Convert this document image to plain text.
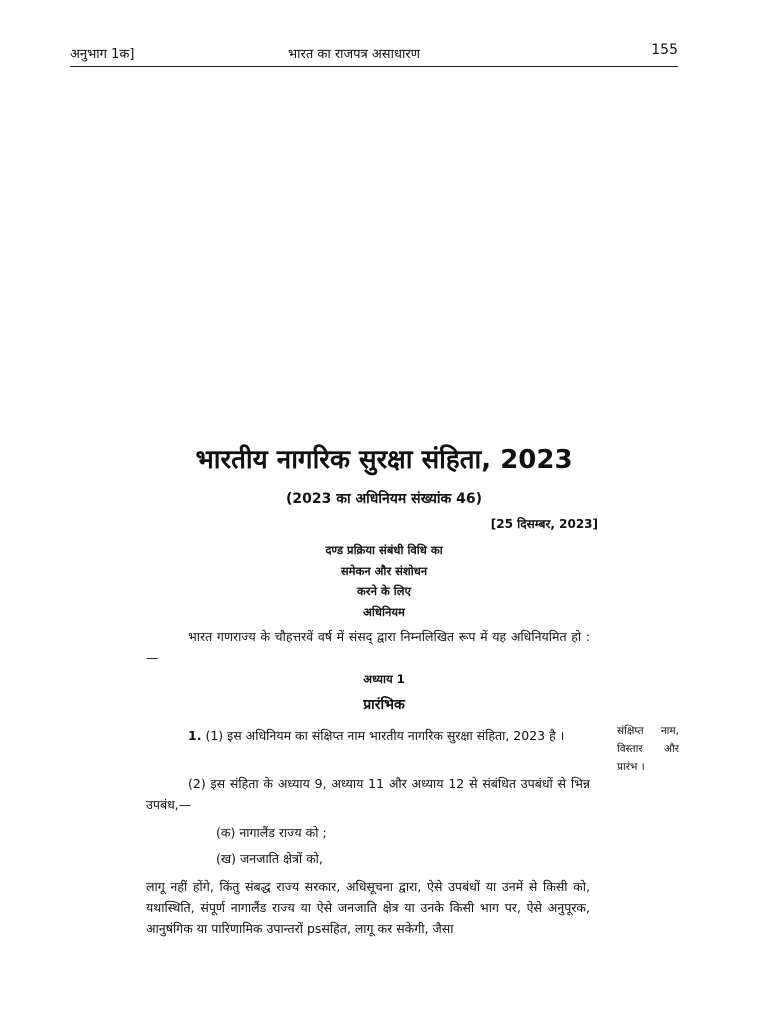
अनुभाग 1क]	भारत का राजपत्र असाधारण	155
भारतीय नागरिक सुरक्षा संहिता, 2023
(2023 का अधिनियम संख्यांक 46)
[25 दिसम्बर, 2023]
दण्ड प्रक्रिया संबंधी विधि का
समेकन और संशोधन
करने के लिए
अधिनियम
भारत गणराज्य के चौहत्तरवें वर्ष में संसद् द्वारा निम्नलिखित रूप में यह अधिनियमित हो :—
अध्याय 1
प्रारंभिक
1. (1) इस अधिनियम का संक्षिप्त नाम भारतीय नागरिक सुरक्षा संहिता, 2023 है ।
(2) इस संहिता के अध्याय 9, अध्याय 11 और अध्याय 12 से संबंधित उपबंधों से भिन्न उपबंध,—
(क) नागालैंड राज्य को ;
(ख) जनजाति क्षेत्रों को,
लागू नहीं होंगे, किंतु संबद्ध राज्य सरकार, अधिसूचना द्वारा, ऐसे उपबंधों या उनमें से किसी को, यथास्थिति, संपूर्ण नागालैंड राज्य या ऐसे जनजाति क्षेत्र या उनके किसी भाग पर, ऐसे अनुपूरक, आनुषंगिक या पारिणामिक उपान्तरों psसहित, लागू कर सकेगी, जैसा
संक्षिप्त नाम, विस्तार और प्रारंभ ।
